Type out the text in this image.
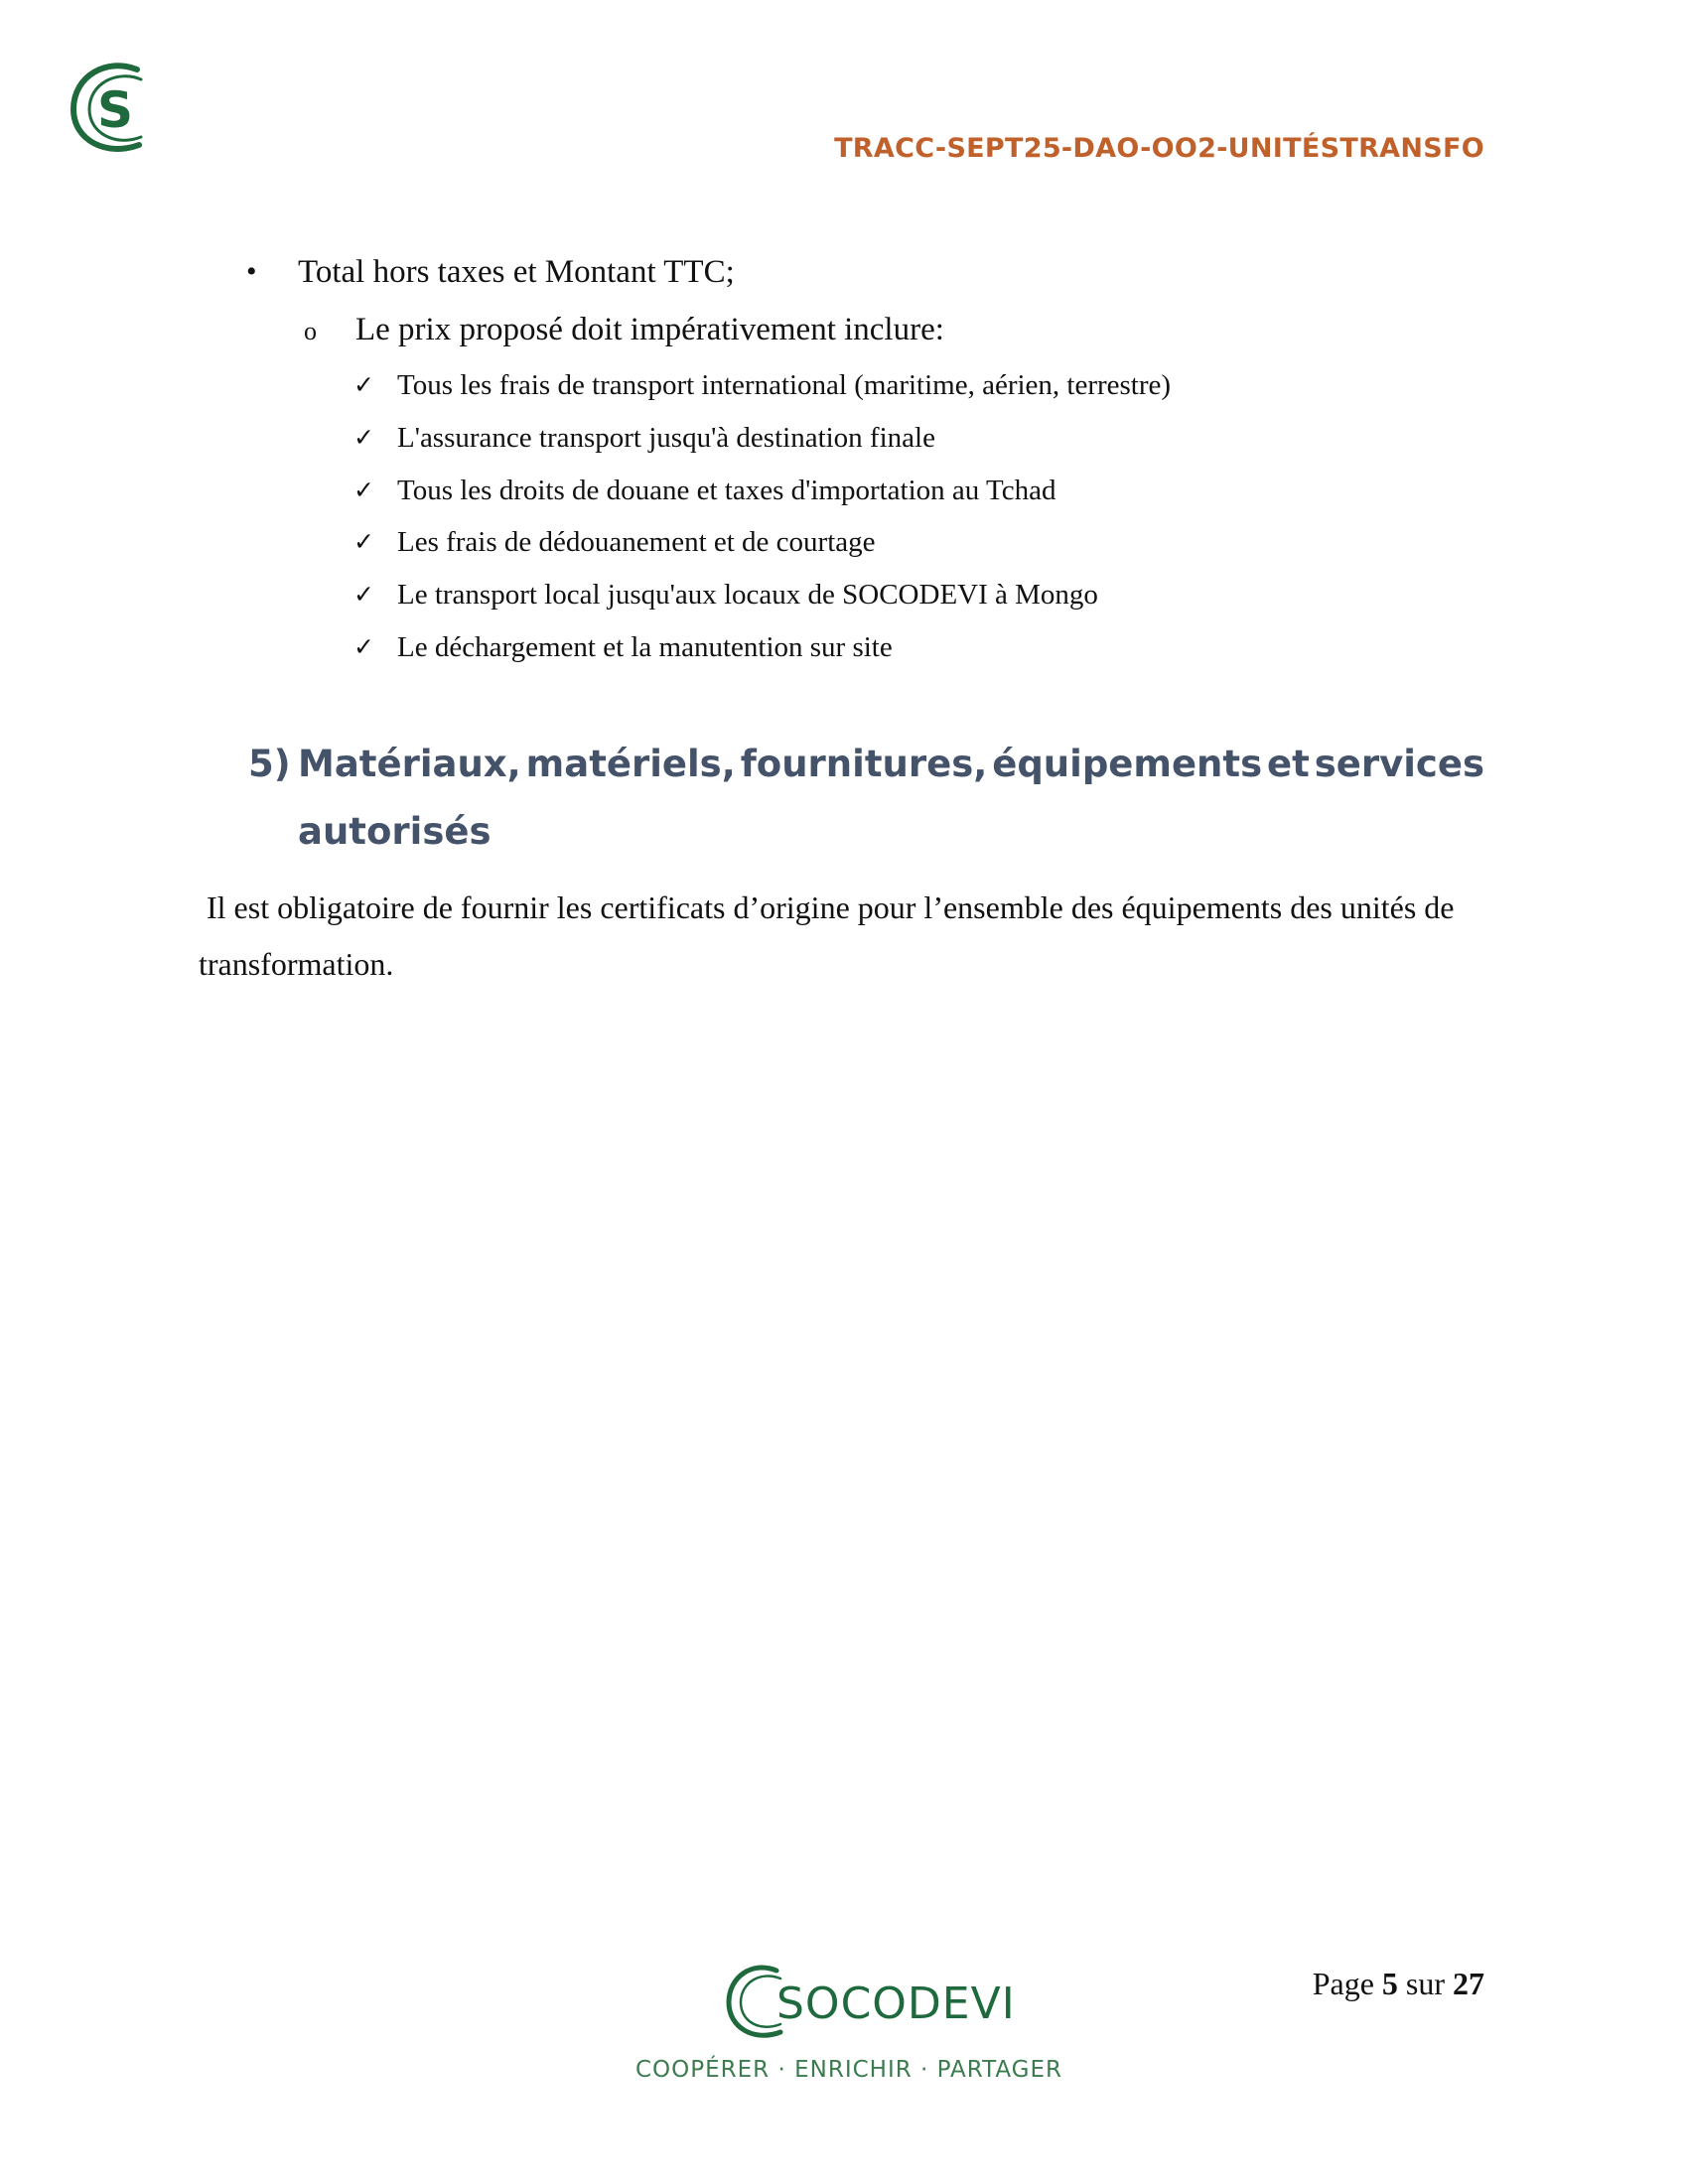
S
TRACC-SEPT25-DAO-OO2-UNITÉSTRANSFO
•	Total hors taxes et Montant TTC;
o Le prix proposé doit impérativement inclure:
✓ Tous les frais de transport international (maritime, aérien, terrestre)
✓ L'assurance transport jusqu'à destination finale
✓ Tous les droits de douane et taxes d'importation au Tchad
✓ Les frais de dédouanement et de courtage
✓ Le transport local jusqu'aux locaux de SOCODEVI à Mongo
✓ Le déchargement et la manutention sur site
5) Matériaux, matériels, fournitures, équipements et services
autorisés
Il est obligatoire de fournir les certificats d’origine pour l’ensemble des équipements des unités de
transformation.
SOCODEVI
COOPÉRER · ENRICHIR · PARTAGER
Page 5 sur 27
